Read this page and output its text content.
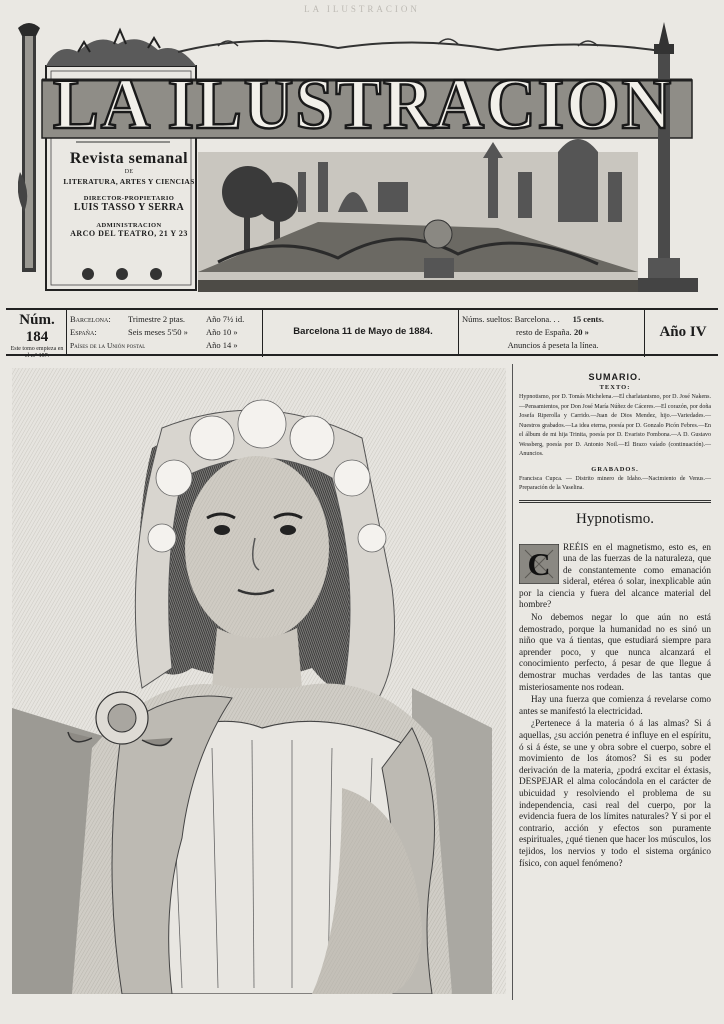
LA ILUSTRACION
LA ILUSTRACION
Revista semanal
DE
LITERATURA, ARTES Y CIENCIAS
DIRECTOR-PROPIETARIO
LUIS TASSO Y SERRA
ADMINISTRACION
ARCO DEL TEATRO, 21 Y 23
Núm. 184
Este tomo empieza en el n.º 157.
Barcelona: Trimestre 2 ptas. Año 7½ id.
España:	Seis meses 5'50 » Año 10 »
Países de la Unión postal	Año 14 »
Barcelona 11 de Mayo de 1884.
Núms. sueltos: Barcelona. . . 15 cents.
resto de España. 20 »
Anuncios á peseta la línea.
Año IV
SUMARIO.
TEXTO:
Hypnotismo, por D. Tomás Michelena.—El charlatanismo, por D. José Nakens.—Pensamientos, por Don José María Núñez de Cáceres.—El corazón, por doña Josefa Riperolla y Carrido.—Juan de Dios Mendez, hijo.—Variedades.—Nuestros grabados.—La idea eterna, poesía por D. Gonzalo Picón Febres.—En el álbum de mi hija Trinita, poesía por D. Evaristo Fombona.—A D. Gustavo Wessberg, poesía por D. Antonio Noil.—El Brazo vaíado (continuación).—Anuncios.
GRABADOS.
Francisca Cupca. — Distrito minero de Idaho.—Nacimiento de Venus.—Preparación de la Vaselina.
Hypnotismo.
C	REÉIS en el magnetismo, esto es, en una de las fuerzas de la naturaleza, que de constantemente como emanación sideral, etérea ó solar, inexplicable aún por la ciencia y fuera del alcance material del hombre?

No debemos negar lo que aún no está demostrado, porque la humanidad no es sinó un niño que va á tientas, que estudiará siempre para aprender poco, y que nunca alcanzará el conocimiento perfecto, á pesar de que llegue á demostrar muchas verdades de las tantas que misteriosamente nos rodean.

Hay una fuerza que comienza á revelarse como antes se manifestó la electricidad.

¿Pertenece á la materia ó á las almas? Si á aquellas, ¿su acción penetra é influye en el espíritu, ó si á éste, se une y obra sobre el cuerpo, sobre el movimiento de los átomos? Si es su poder derivación de la materia, ¿podrá excitar el éxtasis, DESPEJAR el alma colocándola en el carácter de ubicuidad y resolviendo el problema de su independencia, casi real del cuerpo, por la evidencia fuera de los límites naturales? Y si por el contrario, acción y efectos son puramente espirituales, ¿qué tienen que hacer los músculos, los tejidos, los nervios y todo el sistema orgánico físico, con aquel fenómeno?
